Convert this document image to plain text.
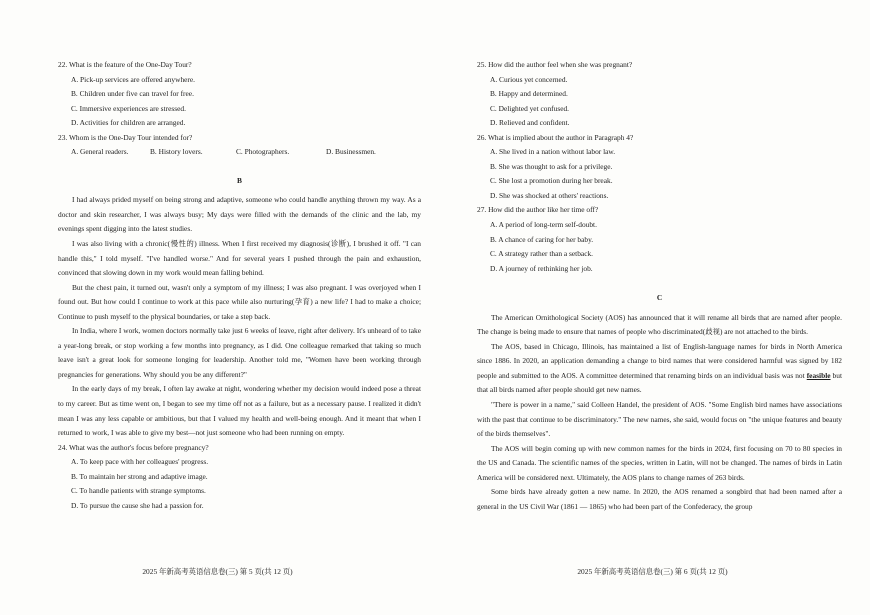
22. What is the feature of the One-Day Tour?

A. Pick-up services are offered anywhere.

B. Children under five can travel for free.

C. Immersive experiences are stressed.

D. Activities for children are arranged.

23. Whom is the One-Day Tour intended for?

A. General readers.	B. History lovers.	C. Photographers.	D. Businessmen.

B

I had always prided myself on being strong and adaptive, someone who could handle anything thrown my way. As a doctor and skin researcher, I was always busy; My days were filled with the demands of the clinic and the lab, my evenings spent digging into the latest studies.

I was also living with a chronic(慢性的) illness. When I first received my diagnosis(诊断), I brushed it off. "I can handle this," I told myself. "I've handled worse." And for several years I pushed through the pain and exhaustion, convinced that slowing down in my work would mean falling behind.

But the chest pain, it turned out, wasn't only a symptom of my illness; I was also pregnant. I was overjoyed when I found out. But how could I continue to work at this pace while also nurturing(孕育) a new life? I had to make a choice; Continue to push myself to the physical boundaries, or take a step back.

In India, where I work, women doctors normally take just 6 weeks of leave, right after delivery. It's unheard of to take a year-long break, or stop working a few months into pregnancy, as I did. One colleague remarked that taking so much leave isn't a great look for someone longing for leadership. Another told me, "Women have been working through pregnancies for generations. Why should you be any different?"

In the early days of my break, I often lay awake at night, wondering whether my decision would indeed pose a threat to my career. But as time went on, I began to see my time off not as a failure, but as a necessary pause. I realized it didn't mean I was any less capable or ambitious, but that I valued my health and well-being enough. And it meant that when I returned to work, I was able to give my best—not just someone who had been running on empty.

24. What was the author's focus before pregnancy?

A. To keep pace with her colleagues' progress.

B. To maintain her strong and adaptive image.

C. To handle patients with strange symptoms.

D. To pursue the cause she had a passion for.

2025 年新高考英语信息卷(三) 第 5 页(共 12 页)

25. How did the author feel when she was pregnant?

A. Curious yet concerned.

B. Happy and determined.

C. Delighted yet confused.

D. Relieved and confident.

26. What is implied about the author in Paragraph 4?

A. She lived in a nation without labor law.

B. She was thought to ask for a privilege.

C. She lost a promotion during her break.

D. She was shocked at others' reactions.

27. How did the author like her time off?

A. A period of long-term self-doubt.

B. A chance of caring for her baby.

C. A strategy rather than a setback.

D. A journey of rethinking her job.

C

The American Ornithological Society (AOS) has announced that it will rename all birds that are named after people. The change is being made to ensure that names of people who discriminated(歧视) are not attached to the birds.

The AOS, based in Chicago, Illinois, has maintained a list of English-language names for birds in North America since 1886. In 2020, an application demanding a change to bird names that were considered harmful was signed by 182 people and submitted to the AOS. A committee determined that renaming birds on an individual basis was not feasible but that all birds named after people should get new names.

"There is power in a name," said Colleen Handel, the president of AOS. "Some English bird names have associations with the past that continue to be discriminatory." The new names, she said, would focus on "the unique features and beauty of the birds themselves".

The AOS will begin coming up with new common names for the birds in 2024, first focusing on 70 to 80 species in the US and Canada. The scientific names of the species, written in Latin, will not be changed. The names of birds in Latin America will be considered next. Ultimately, the AOS plans to change names of 263 birds.

Some birds have already gotten a new name. In 2020, the AOS renamed a songbird that had been named after a general in the US Civil War (1861 — 1865) who had been part of the Confederacy, the group

2025 年新高考英语信息卷(三) 第 6 页(共 12 页)
